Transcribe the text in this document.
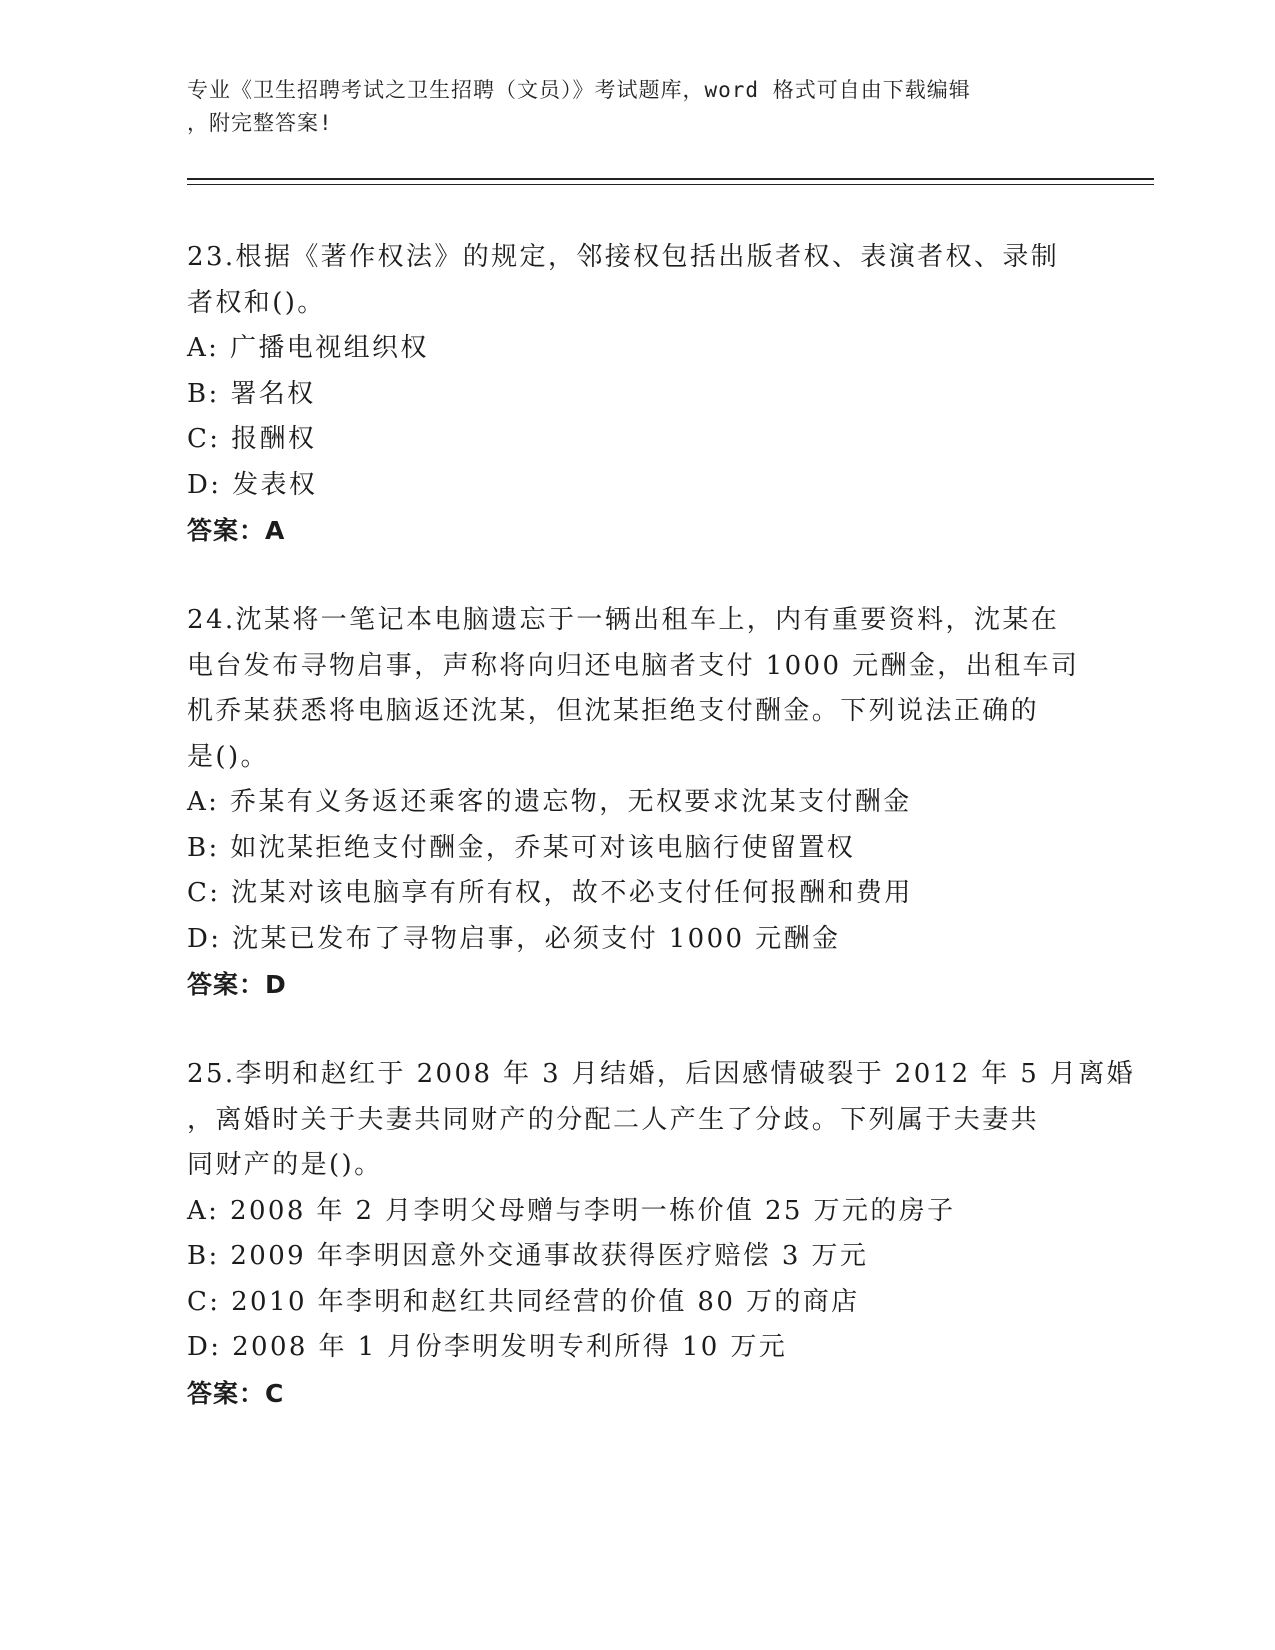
专业《卫生招聘考试之卫生招聘（文员）》考试题库，word 格式可自由下载编辑
，附完整答案!
23.根据《著作权法》的规定，邻接权包括出版者权、表演者权、录制
者权和()。
A: 广播电视组织权
B: 署名权
C: 报酬权
D: 发表权
答案：A
24.沈某将一笔记本电脑遗忘于一辆出租车上，内有重要资料，沈某在
电台发布寻物启事，声称将向归还电脑者支付 1000 元酬金，出租车司
机乔某获悉将电脑返还沈某，但沈某拒绝支付酬金。下列说法正确的
是()。
A: 乔某有义务返还乘客的遗忘物，无权要求沈某支付酬金
B: 如沈某拒绝支付酬金，乔某可对该电脑行使留置权
C: 沈某对该电脑享有所有权，故不必支付任何报酬和费用
D: 沈某已发布了寻物启事，必须支付 1000 元酬金
答案：D
25.李明和赵红于 2008 年 3 月结婚，后因感情破裂于 2012 年 5 月离婚
，离婚时关于夫妻共同财产的分配二人产生了分歧。下列属于夫妻共
同财产的是()。
A: 2008 年 2 月李明父母赠与李明一栋价值 25 万元的房子
B: 2009 年李明因意外交通事故获得医疗赔偿 3 万元
C: 2010 年李明和赵红共同经营的价值 80 万的商店
D: 2008 年 1 月份李明发明专利所得 10 万元
答案：C
